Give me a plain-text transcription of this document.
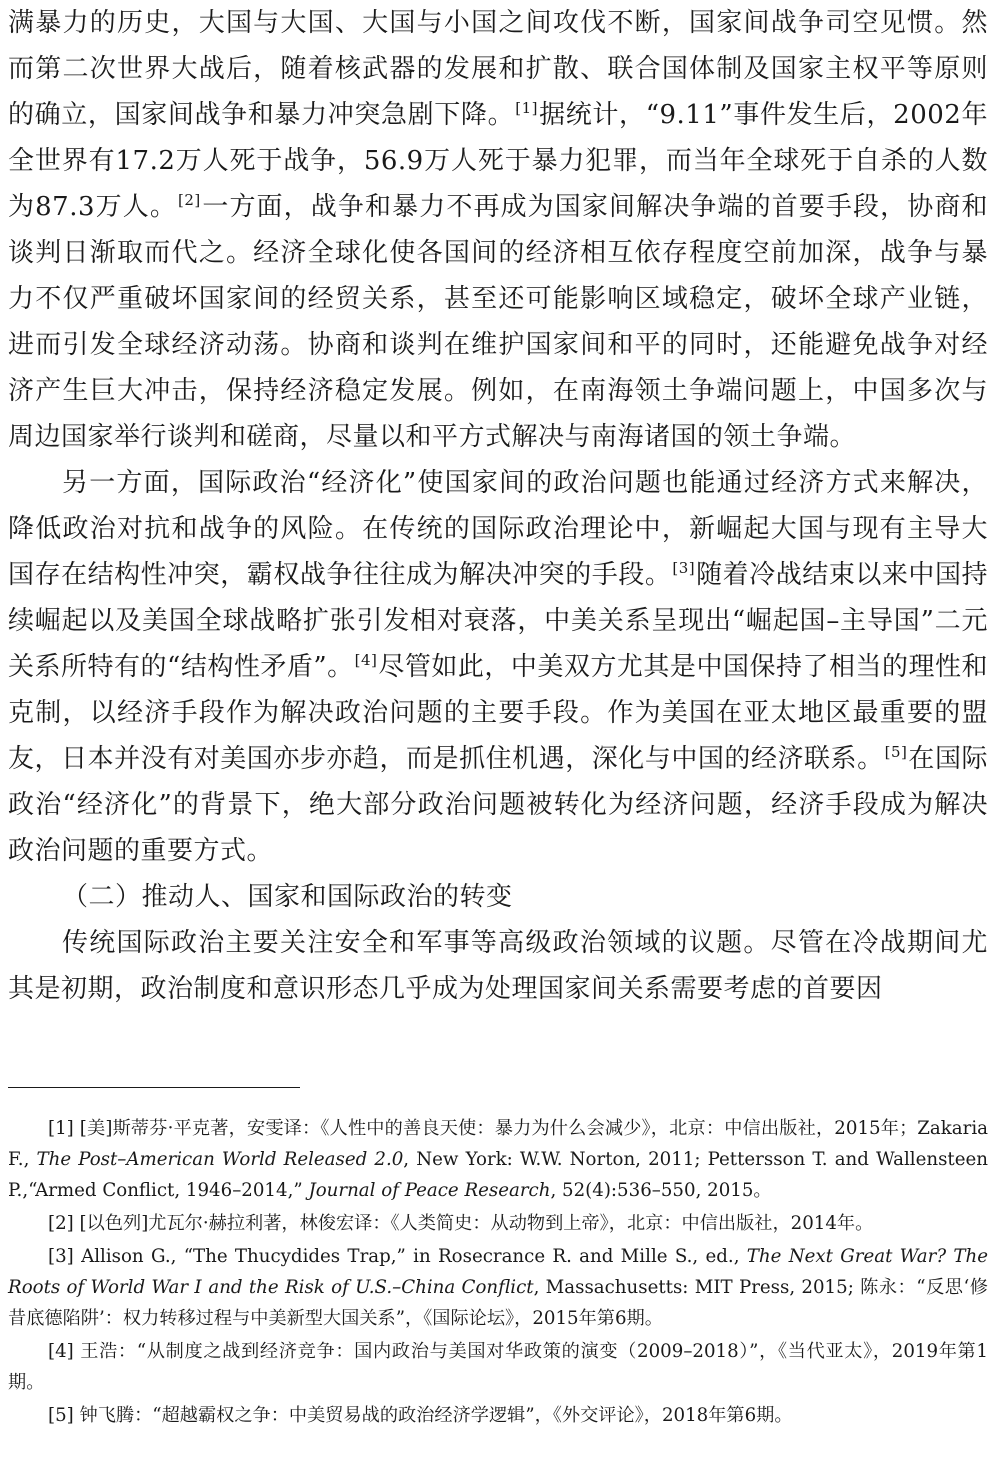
满暴力的历史，大国与大国、大国与小国之间攻伐不断，国家间战争司空见惯。然而第二次世界大战后，随着核武器的发展和扩散、联合国体制及国家主权平等原则的确立，国家间战争和暴力冲突急剧下降。[1]据统计，“9.11”事件发生后，2002年全世界有17.2万人死于战争，56.9万人死于暴力犯罪，而当年全球死于自杀的人数为87.3万人。[2]一方面，战争和暴力不再成为国家间解决争端的首要手段，协商和谈判日渐取而代之。经济全球化使各国间的经济相互依存程度空前加深，战争与暴力不仅严重破坏国家间的经贸关系，甚至还可能影响区域稳定，破坏全球产业链，进而引发全球经济动荡。协商和谈判在维护国家间和平的同时，还能避免战争对经济产生巨大冲击，保持经济稳定发展。例如，在南海领土争端问题上，中国多次与周边国家举行谈判和磋商，尽量以和平方式解决与南海诸国的领土争端。

另一方面，国际政治“经济化”使国家间的政治问题也能通过经济方式来解决，降低政治对抗和战争的风险。在传统的国际政治理论中，新崛起大国与现有主导大国存在结构性冲突，霸权战争往往成为解决冲突的手段。[3]随着冷战结束以来中国持续崛起以及美国全球战略扩张引发相对衰落，中美关系呈现出“崛起国–主导国”二元关系所特有的“结构性矛盾”。[4]尽管如此，中美双方尤其是中国保持了相当的理性和克制，以经济手段作为解决政治问题的主要手段。作为美国在亚太地区最重要的盟友，日本并没有对美国亦步亦趋，而是抓住机遇，深化与中国的经济联系。[5]在国际政治“经济化”的背景下，绝大部分政治问题被转化为经济问题，经济手段成为解决政治问题的重要方式。

（二）推动人、国家和国际政治的转变

传统国际政治主要关注安全和军事等高级政治领域的议题。尽管在冷战期间尤其是初期，政治制度和意识形态几乎成为处理国家间关系需要考虑的首要因

[1] [美]斯蒂芬·平克著，安雯译：《人性中的善良天使：暴力为什么会减少》，北京：中信出版社，2015年；Zakaria F., The Post–American World Released 2.0, New York: W.W. Norton, 2011; Pettersson T. and Wallensteen P.,“Armed Conflict, 1946–2014,” Journal of Peace Research, 52(4):536–550, 2015。

[2] [以色列]尤瓦尔·赫拉利著，林俊宏译：《人类简史：从动物到上帝》，北京：中信出版社，2014年。

[3] Allison G., “The Thucydides Trap,” in Rosecrance R. and Mille S., ed., The Next Great War? The Roots of World War Ⅰ and the Risk of U.S.–China Conflict, Massachusetts: MIT Press, 2015; 陈永：“反思‘修昔底德陷阱’：权力转移过程与中美新型大国关系”，《国际论坛》，2015年第6期。

[4] 王浩：“从制度之战到经济竞争：国内政治与美国对华政策的演变（2009–2018）”，《当代亚太》，2019年第1期。

[5] 钟飞腾：“超越霸权之争：中美贸易战的政治经济学逻辑”，《外交评论》，2018年第6期。
